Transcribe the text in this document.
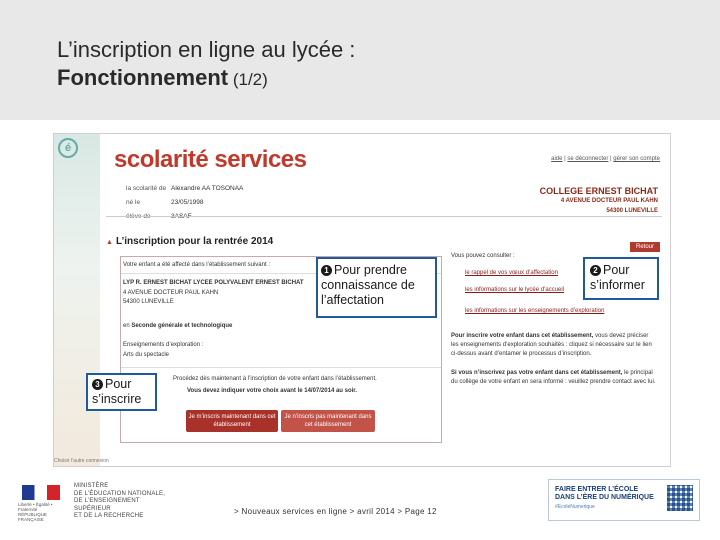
L’inscription en ligne au lycée :
Fonctionnement (1/2)
é scolarité services	aide | se déconnecter | gérer son compte
la scolarité de Alexandre AA TOSONAA
né le	23/05/1998
élève de	3ASAF
COLLEGE ERNEST BICHAT
4 AVENUE DOCTEUR PAUL KAHN
54300 LUNEVILLE
▲ L’inscription pour la rentrée 2014	Retour
Votre enfant a été affecté dans l’établissement suivant :
LYP R. ERNEST BICHAT LYCEE POLYVALENT ERNEST BICHAT
4 AVENUE DOCTEUR PAUL KAHN
54300 LUNEVILLE
en Seconde générale et technologique
Enseignements d’exploration :
Arts du spectacle
Procédez dès maintenant à l’inscription de votre enfant dans l’établissement.
Vous devez indiquer votre choix avant le 14/07/2014 au soir.
Je m’inscris maintenant dans cet établissement
Je n’inscris pas maintenant dans cet établissement
Vous pouvez consulter :
le rappel de vos vœux d’affectation
les informations sur le lycée d’accueil
les informations sur les enseignements d’exploration
Pour inscrire votre enfant dans cet établissement, vous devez préciser les enseignements d’exploration souhaités : cliquez si nécessaire sur le lien ci-dessus avant d’entamer le processus d’inscription.
Si vous n’inscrivez pas votre enfant dans cet établissement, le principal du collège de votre enfant en sera informé : veuillez prendre contact avec lui.
Choisir l’autre connexion
1 Pour prendre connaissance de l’affectation
2 Pour s’informer
3 Pour s’inscrire
Liberté • Égalité • Fraternité RÉPUBLIQUE FRANÇAISE
MINISTÈRE
DE L’ÉDUCATION NATIONALE,
DE L’ENSEIGNEMENT SUPÉRIEUR
ET DE LA RECHERCHE	> Nouveaux services en ligne > avril 2014 > Page 12
FAIRE ENTRER L’ÉCOLE
DANS L’ÈRE DU NUMÉRIQUE
#EcoleNumerique
